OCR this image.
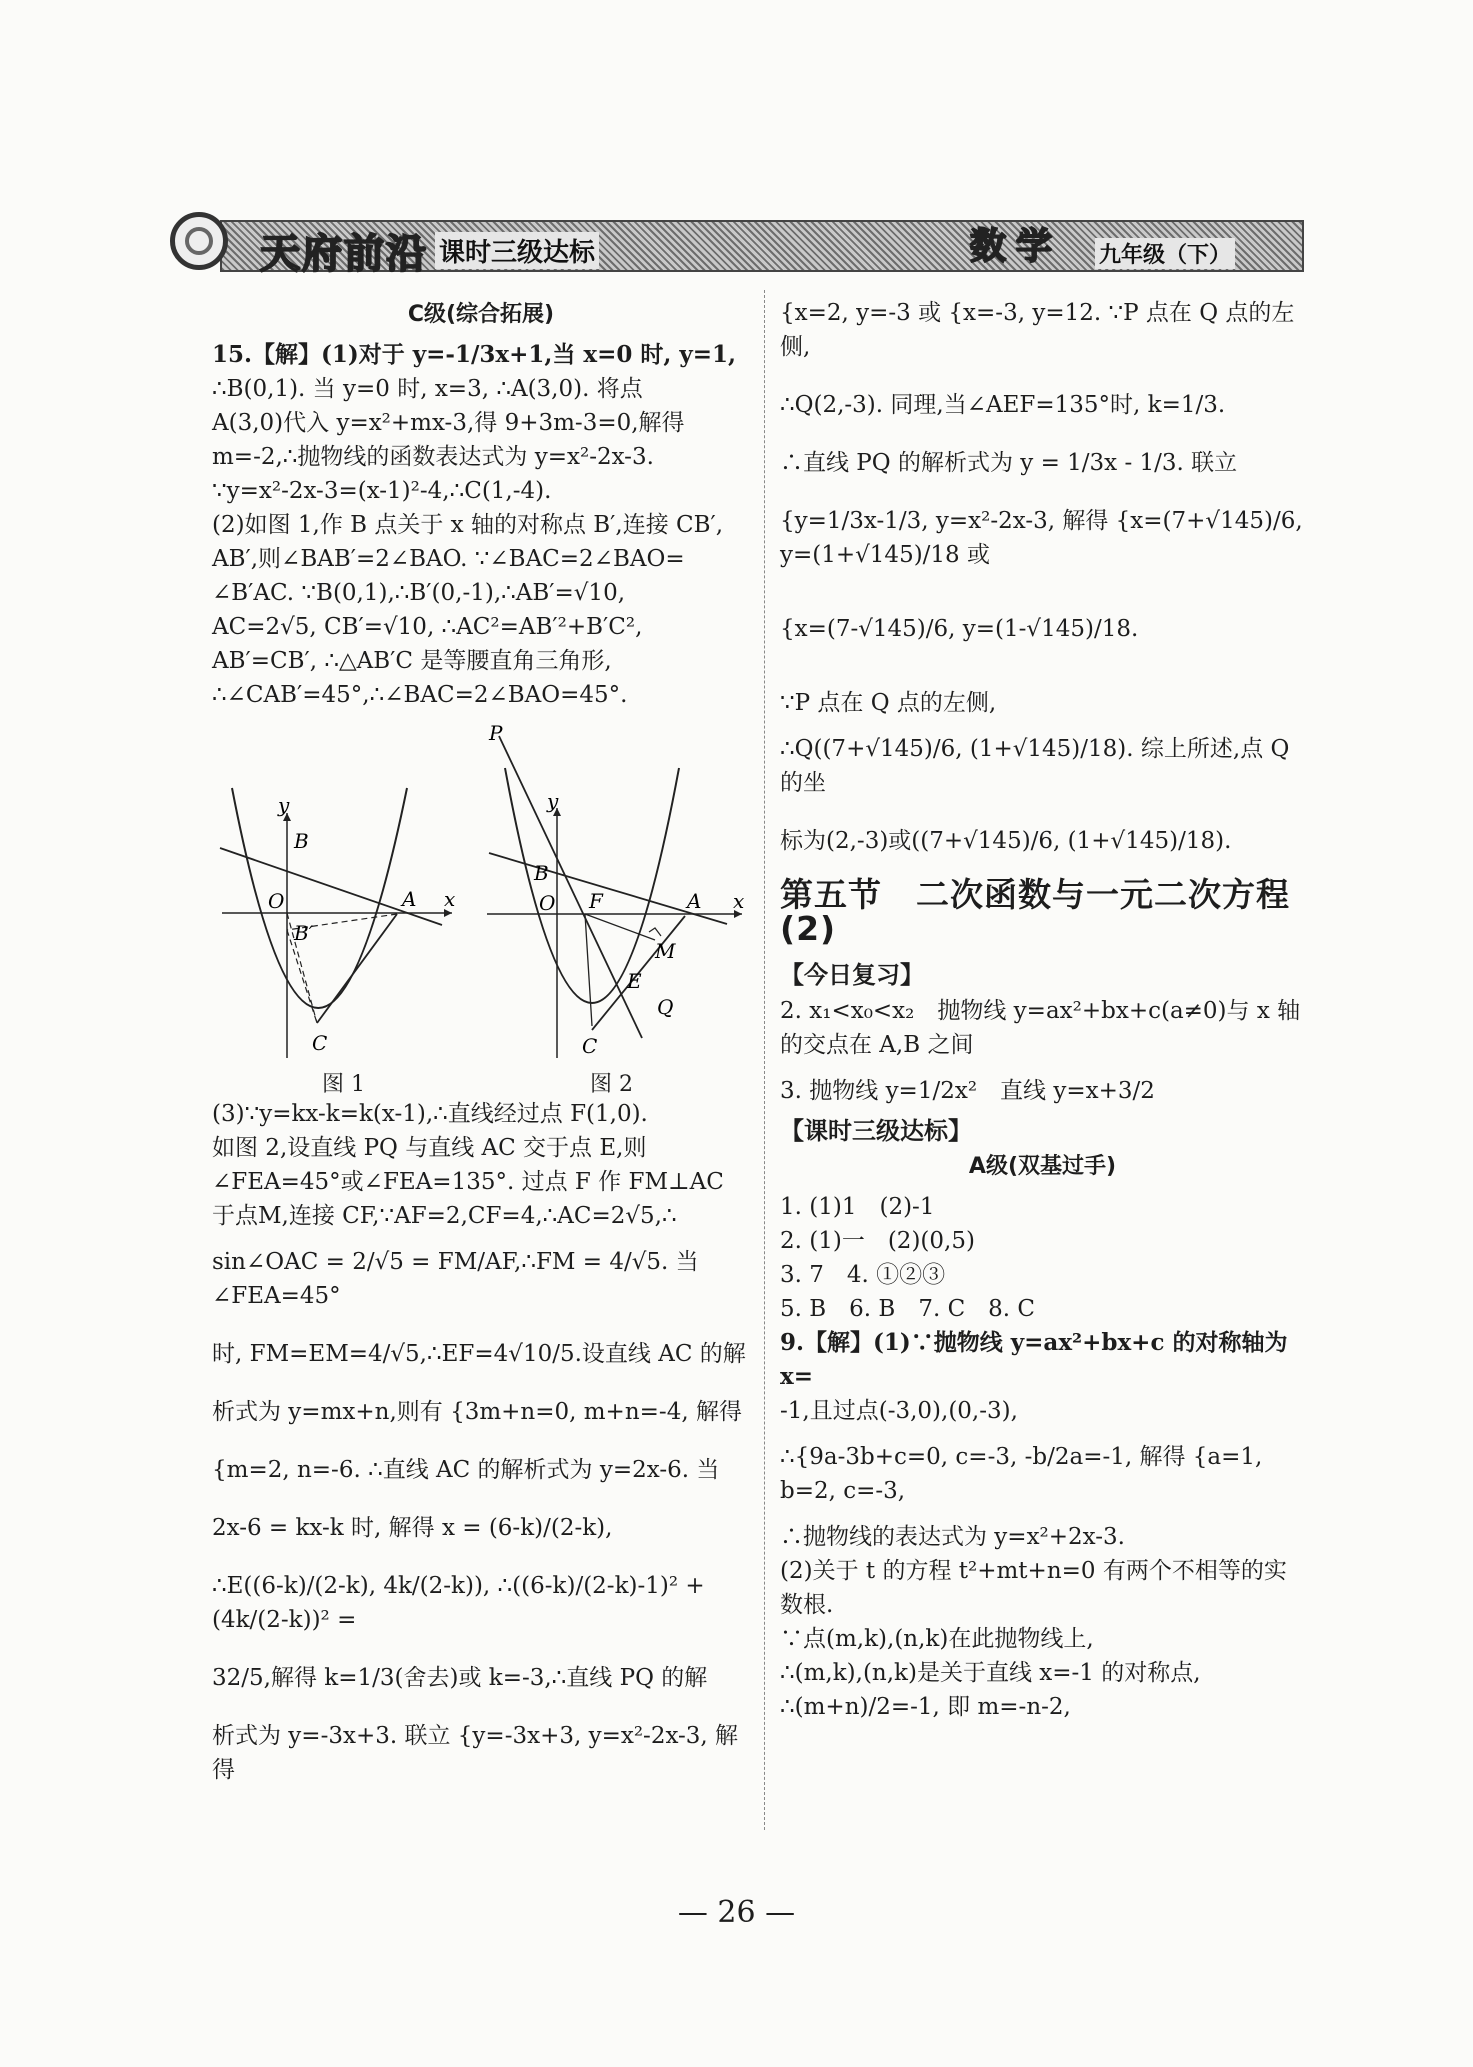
天府前沿 课时三级达标	数学 九年级（下）
C级(综合拓展)

15.【解】(1)对于 y=-1/3x+1,当 x=0 时, y=1,

∴B(0,1). 当 y=0 时, x=3, ∴A(3,0). 将点

A(3,0)代入 y=x²+mx-3,得 9+3m-3=0,解得

m=-2,∴抛物线的函数表达式为 y=x²-2x-3.

∵y=x²-2x-3=(x-1)²-4,∴C(1,-4).

(2)如图 1,作 B 点关于 x 轴的对称点 B′,连接 CB′,

AB′,则∠BAB′=2∠BAO. ∵∠BAC=2∠BAO=

∠B′AC. ∵B(0,1),∴B′(0,-1),∴AB′=√10,

AC=2√5, CB′=√10, ∴AC²=AB′²+B′C²,

AB′=CB′, ∴△AB′C 是等腰直角三角形,

∴∠CAB′=45°,∴∠BAC=2∠BAO=45°.

y
x
B
O	A
B′
C
图 1
P
y
x
B
O F	A
M
E
Q
C
图 2

(3)∵y=kx-k=k(x-1),∴直线经过点 F(1,0).

如图 2,设直线 PQ 与直线 AC 交于点 E,则

∠FEA=45°或∠FEA=135°. 过点 F 作 FM⊥AC

于点M,连接 CF,∵AF=2,CF=4,∴AC=2√5,∴

sin∠OAC = 2/√5 = FM/AF,∴FM = 4/√5. 当∠FEA=45°

时, FM=EM=4/√5,∴EF=4√10/5.设直线 AC 的解

析式为 y=mx+n,则有 {3m+n=0, m+n=-4, 解得

{m=2, n=-6. ∴直线 AC 的解析式为 y=2x-6. 当

2x-6 = kx-k 时, 解得 x = (6-k)/(2-k),

∴E((6-k)/(2-k), 4k/(2-k)), ∴((6-k)/(2-k)-1)² + (4k/(2-k))² =

32/5,解得 k=1/3(舍去)或 k=-3,∴直线 PQ 的解

析式为 y=-3x+3. 联立 {y=-3x+3, y=x²-2x-3, 解得

{x=2, y=-3 或 {x=-3, y=12. ∵P 点在 Q 点的左侧,

∴Q(2,-3). 同理,当∠AEF=135°时, k=1/3.

∴直线 PQ 的解析式为 y = 1/3x - 1/3. 联立

{y=1/3x-1/3, y=x²-2x-3, 解得 {x=(7+√145)/6, y=(1+√145)/18 或

{x=(7-√145)/6, y=(1-√145)/18.

∵P 点在 Q 点的左侧,

∴Q((7+√145)/6, (1+√145)/18). 综上所述,点 Q 的坐

标为(2,-3)或((7+√145)/6, (1+√145)/18).

第五节　二次函数与一元二次方程(2)
【今日复习】

2. x₁<x₀<x₂　抛物线 y=ax²+bx+c(a≠0)与 x 轴

的交点在 A,B 之间

3. 抛物线 y=1/2x²　直线 y=x+3/2

【课时三级达标】
A级(双基过手)

1. (1)1　(2)-1

2. (1)一　(2)(0,5)

3. 7　4. ①②③

5. B　6. B　7. C　8. C

9.【解】(1)∵抛物线 y=ax²+bx+c 的对称轴为 x=

-1,且过点(-3,0),(0,-3),

∴{9a-3b+c=0, c=-3, -b/2a=-1, 解得 {a=1, b=2, c=-3,

∴抛物线的表达式为 y=x²+2x-3.

(2)关于 t 的方程 t²+mt+n=0 有两个不相等的实

数根.

∵点(m,k),(n,k)在此抛物线上,

∴(m,k),(n,k)是关于直线 x=-1 的对称点,

∴(m+n)/2=-1, 即 m=-n-2,

— 26 —
